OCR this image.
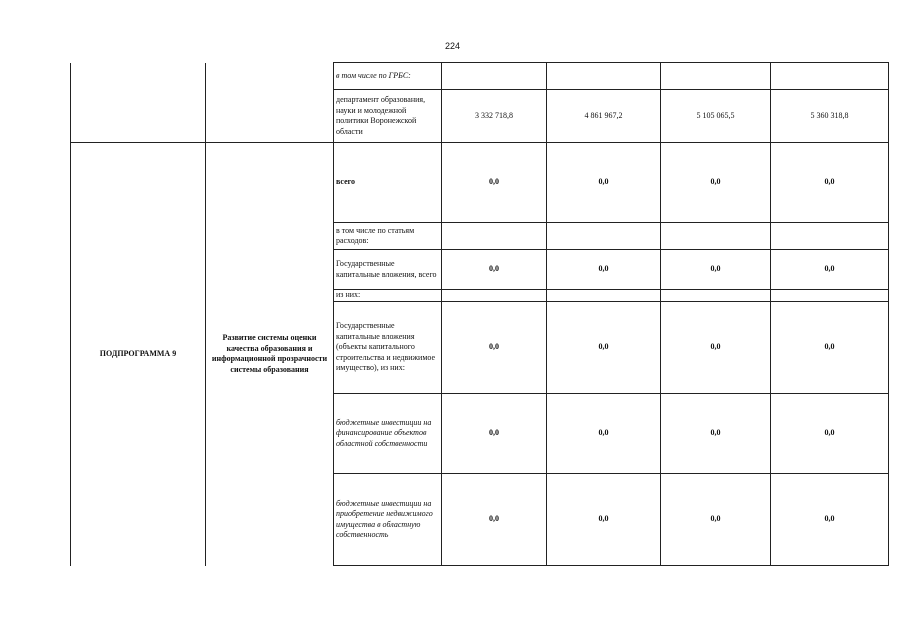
224
		в том числе по ГРБС:				
		департамент образования, науки и молодежной политики Воронежской области	3 332 718,8	4 861 967,2	5 105 065,5	5 360 318,8
ПОДПРОГРАММА 9	Развитие системы оценки качества образования и информационной прозрачности системы образования	всего	0,0	0,0	0,0	0,0
		в том числе по статьям расходов:				
		Государственные капитальные вложения, всего	0,0	0,0	0,0	0,0
		из них:				
		Государственные капитальные вложения (объекты капитального строительства и недвижимое имущество), из них:	0,0	0,0	0,0	0,0
		бюджетные инвестиции на финансирование объектов областной собственности	0,0	0,0	0,0	0,0
		бюджетные инвестиции на приобретение недвижимого имущества в областную собственность	0,0	0,0	0,0	0,0
